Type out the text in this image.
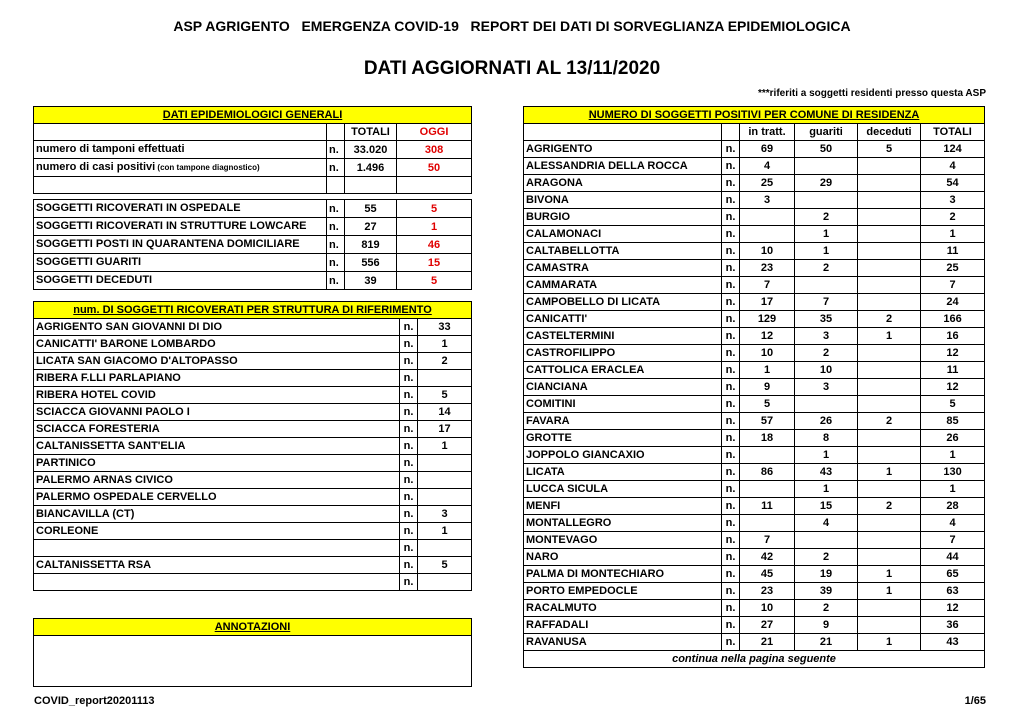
ASP AGRIGENTO   EMERGENZA COVID-19   REPORT DEI DATI DI SORVEGLIANZA EPIDEMIOLOGICA
DATI AGGIORNATI AL 13/11/2020
***riferiti a soggetti residenti presso questa ASP
DATI EPIDEMIOLOGICI GENERALI			
		TOTALI	OGGI
numero di tamponi effettuati	n.	33.020	308
numero di casi positivi (con tampone diagnostico)	n.	1.496	50

SOGGETTI RICOVERATI IN OSPEDALE	n.	55	5
SOGGETTI RICOVERATI IN STRUTTURE LOWCARE	n.	27	1
SOGGETTI POSTI IN QUARANTENA DOMICILIARE	n.	819	46
SOGGETTI GUARITI	n.	556	15
SOGGETTI DECEDUTI	n.	39	5
num. DI SOGGETTI RICOVERATI PER STRUTTURA DI RIFERIMENTO		
AGRIGENTO SAN GIOVANNI DI DIO	n.	33
CANICATTI' BARONE LOMBARDO	n.	1
LICATA SAN GIACOMO D'ALTOPASSO	n.	2
RIBERA F.LLI PARLAPIANO	n.	
RIBERA HOTEL COVID	n.	5
SCIACCA GIOVANNI PAOLO I	n.	14
SCIACCA FORESTERIA	n.	17
CALTANISSETTA SANT'ELIA	n.	1
PARTINICO	n.	
PALERMO ARNAS CIVICO	n.	
PALERMO OSPEDALE CERVELLO	n.	
BIANCAVILLA (CT)	n.	3
CORLEONE	n.	1
	n.	
CALTANISSETTA RSA	n.	5
	n.	
ANNOTAZIONI

NUMERO DI SOGGETTI POSITIVI PER COMUNE DI RESIDENZA					
		in tratt.	guariti	deceduti	TOTALI
AGRIGENTO	n.	69	50	5	124
ALESSANDRIA DELLA ROCCA	n.	4			4
ARAGONA	n.	25	29		54
BIVONA	n.	3			3
BURGIO	n.		2		2
CALAMONACI	n.		1		1
CALTABELLOTTA	n.	10	1		11
CAMASTRA	n.	23	2		25
CAMMARATA	n.	7			7
CAMPOBELLO DI LICATA	n.	17	7		24
CANICATTI'	n.	129	35	2	166
CASTELTERMINI	n.	12	3	1	16
CASTROFILIPPO	n.	10	2		12
CATTOLICA ERACLEA	n.	1	10		11
CIANCIANA	n.	9	3		12
COMITINI	n.	5			5
FAVARA	n.	57	26	2	85
GROTTE	n.	18	8		26
JOPPOLO GIANCAXIO	n.		1		1
LICATA	n.	86	43	1	130
LUCCA SICULA	n.		1		1
MENFI	n.	11	15	2	28
MONTALLEGRO	n.		4		4
MONTEVAGO	n.	7			7
NARO	n.	42	2		44
PALMA DI MONTECHIARO	n.	45	19	1	65
PORTO EMPEDOCLE	n.	23	39	1	63
RACALMUTO	n.	10	2		12
RAFFADALI	n.	27	9		36
RAVANUSA	n.	21	21	1	43
continua nella pagina seguente					
COVID_report20201113	1/65
